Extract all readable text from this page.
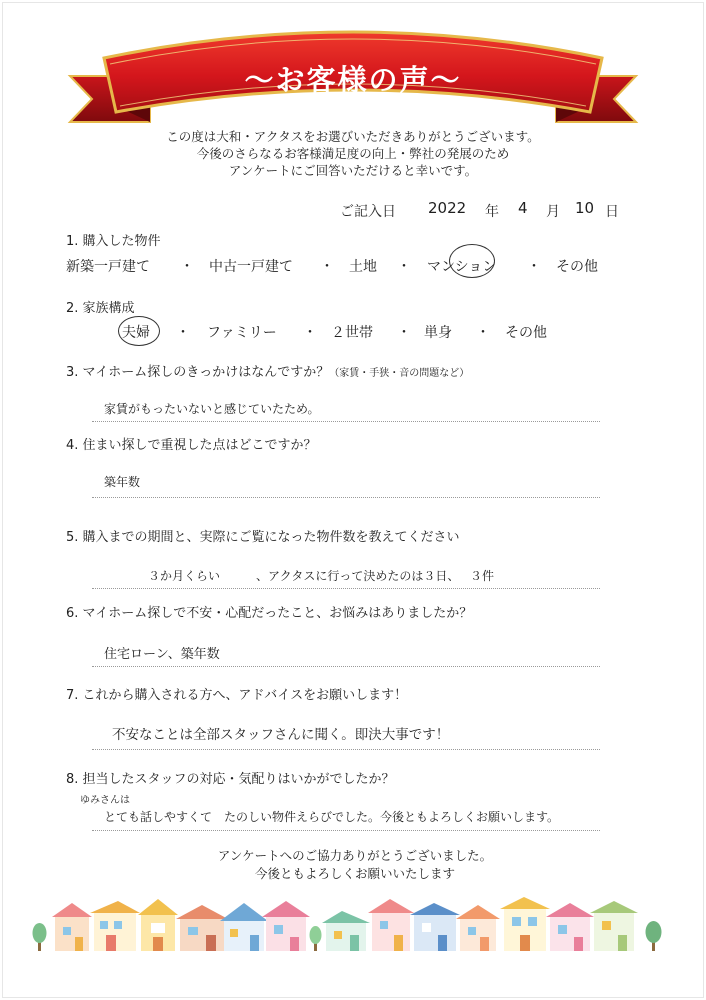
～お客様の声～
この度は大和・アクタスをお選びいただきありがとうございます。
今後のさらなるお客様満足度の向上・弊社の発展のため
アンケートにご回答いただけると幸いです。
ご記入日 2022 年 4 月 10 日
1. 購入した物件
新築一戸建て ・ 中古一戸建て ・ 土地 ・ マンション ・ その他
2. 家族構成
夫婦 ・ ファミリー ・ ２世帯 ・ 単身 ・ その他
3. マイホーム探しのきっかけはなんですか？（家賃・手狭・音の問題など）
家賃がもったいないと感じていたため。
4. 住まい探しで重視した点はどこですか？
築年数
5. 購入までの期間と、実際にご覧になった物件数を教えてください
３か月くらい	、アクタスに行って決めたのは３日、 ３件
6. マイホーム探しで不安・心配だったこと、お悩みはありましたか？
住宅ローン、築年数
7. これから購入される方へ、アドバイスをお願いします！
不安なことは全部スタッフさんに聞く。即決大事です！
8. 担当したスタッフの対応・気配りはいかがでしたか？
ゆみさんは
とても話しやすくて　たのしい物件えらびでした。今後ともよろしくお願いします。
アンケートへのご協力ありがとうございました。
今後ともよろしくお願いいたします
